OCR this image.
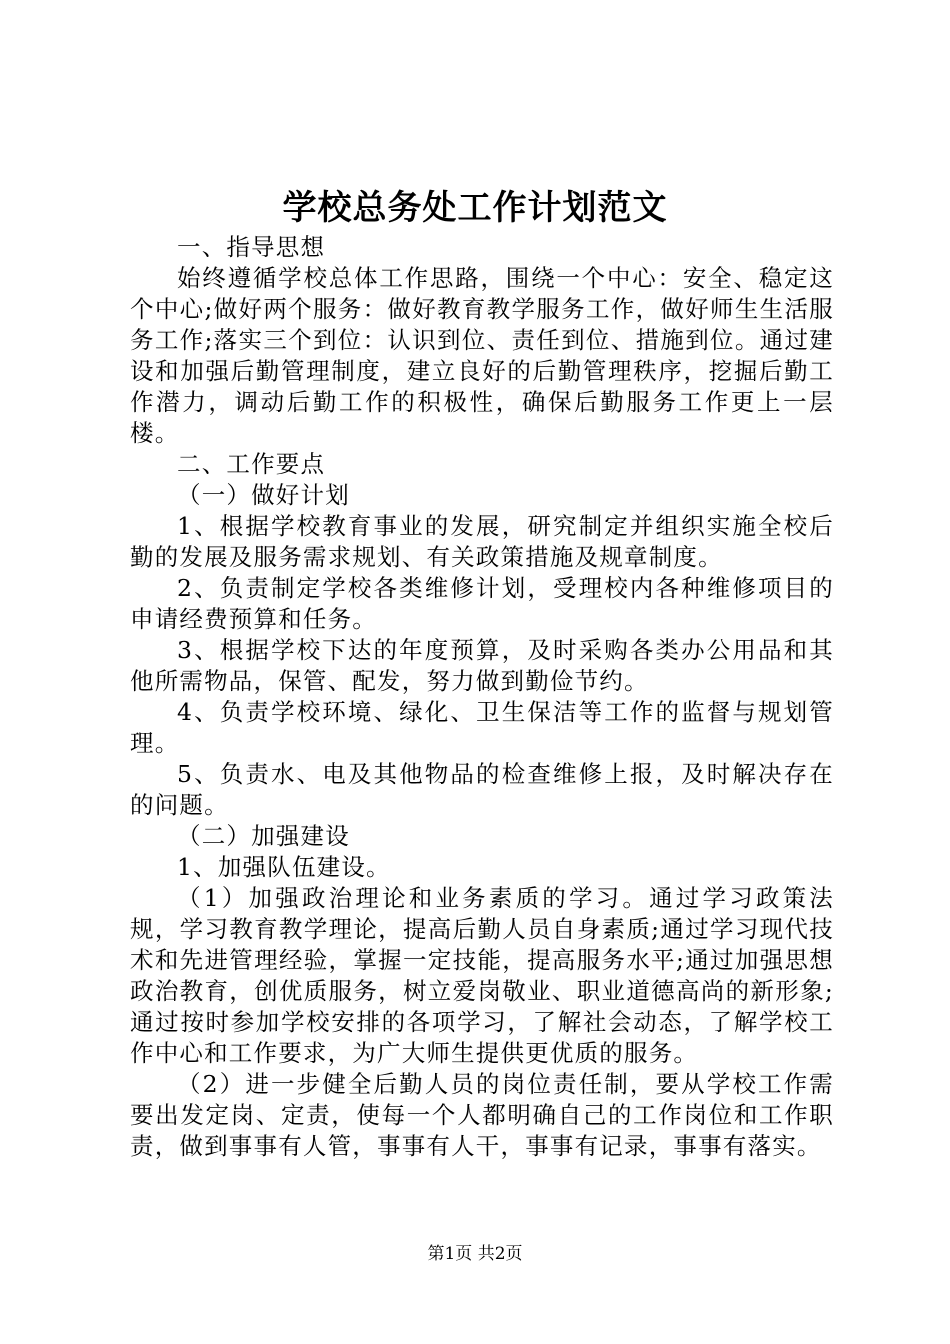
学校总务处工作计划范文

一、指导思想

始终遵循学校总体工作思路，围绕一个中心：安全、稳定这个中心;做好两个服务：做好教育教学服务工作，做好师生生活服务工作;落实三个到位：认识到位、责任到位、措施到位。通过建设和加强后勤管理制度，建立良好的后勤管理秩序，挖掘后勤工作潜力，调动后勤工作的积极性，确保后勤服务工作更上一层楼。

二、工作要点

（一）做好计划

1、根据学校教育事业的发展，研究制定并组织实施全校后勤的发展及服务需求规划、有关政策措施及规章制度。

2、负责制定学校各类维修计划，受理校内各种维修项目的申请经费预算和任务。

3、根据学校下达的年度预算，及时采购各类办公用品和其他所需物品，保管、配发，努力做到勤俭节约。

4、负责学校环境、绿化、卫生保洁等工作的监督与规划管理。

5、负责水、电及其他物品的检查维修上报，及时解决存在的问题。

（二）加强建设

1、加强队伍建设。

（1）加强政治理论和业务素质的学习。通过学习政策法规，学习教育教学理论，提高后勤人员自身素质;通过学习现代技术和先进管理经验，掌握一定技能，提高服务水平;通过加强思想政治教育，创优质服务，树立爱岗敬业、职业道德高尚的新形象;通过按时参加学校安排的各项学习，了解社会动态，了解学校工作中心和工作要求，为广大师生提供更优质的服务。

（2）进一步健全后勤人员的岗位责任制，要从学校工作需要出发定岗、定责，使每一个人都明确自己的工作岗位和工作职责，做到事事有人管，事事有人干，事事有记录，事事有落实。

第1页 共2页
